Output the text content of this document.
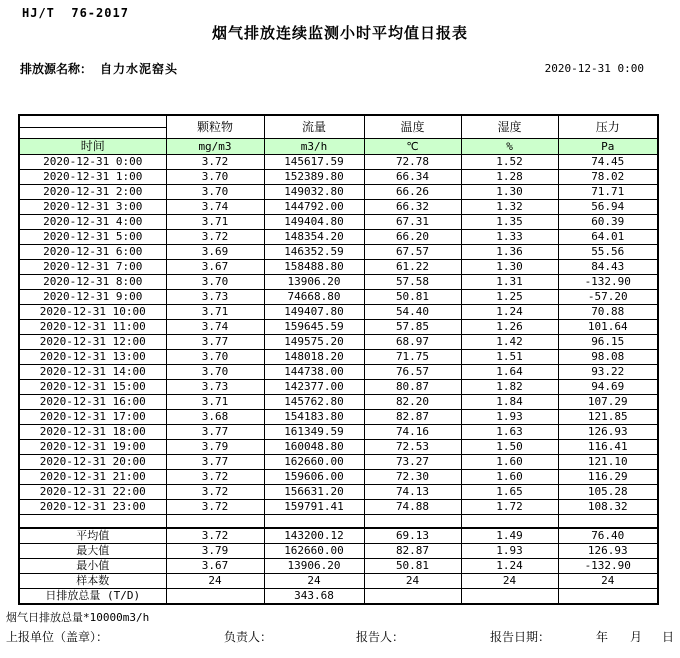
HJ/T  76-2017
烟气排放连续监测小时平均值日报表
排放源名称： 自力水泥窑头	2020-12-31 0:00
	颗粒物	流量	温度	湿度	压力

时间	mg/m3	m3/h	℃	%	Pa
2020-12-31 0:00	3.72	145617.59	72.78	1.52	74.45
2020-12-31 1:00	3.70	152389.80	66.34	1.28	78.02
2020-12-31 2:00	3.70	149032.80	66.26	1.30	71.71
2020-12-31 3:00	3.74	144792.00	66.32	1.32	56.94
2020-12-31 4:00	3.71	149404.80	67.31	1.35	60.39
2020-12-31 5:00	3.72	148354.20	66.20	1.33	64.01
2020-12-31 6:00	3.69	146352.59	67.57	1.36	55.56
2020-12-31 7:00	3.67	158488.80	61.22	1.30	84.43
2020-12-31 8:00	3.70	13906.20	57.58	1.31	-132.90
2020-12-31 9:00	3.73	74668.80	50.81	1.25	-57.20
2020-12-31 10:00	3.71	149407.80	54.40	1.24	70.88
2020-12-31 11:00	3.74	159645.59	57.85	1.26	101.64
2020-12-31 12:00	3.77	149575.20	68.97	1.42	96.15
2020-12-31 13:00	3.70	148018.20	71.75	1.51	98.08
2020-12-31 14:00	3.70	144738.00	76.57	1.64	93.22
2020-12-31 15:00	3.73	142377.00	80.87	1.82	94.69
2020-12-31 16:00	3.71	145762.80	82.20	1.84	107.29
2020-12-31 17:00	3.68	154183.80	82.87	1.93	121.85
2020-12-31 18:00	3.77	161349.59	74.16	1.63	126.93
2020-12-31 19:00	3.79	160048.80	72.53	1.50	116.41
2020-12-31 20:00	3.77	162660.00	73.27	1.60	121.10
2020-12-31 21:00	3.72	159606.00	72.30	1.60	116.29
2020-12-31 22:00	3.72	156631.20	74.13	1.65	105.28
2020-12-31 23:00	3.72	159791.41	74.88	1.72	108.32

平均值	3.72	143200.12	69.13	1.49	76.40
最大值	3.79	162660.00	82.87	1.93	126.93
最小值	3.67	13906.20	50.81	1.24	-132.90
样本数	24	24	24	24	24
日排放总量 (T/D)		343.68			
烟气日排放总量*10000m3/h
上报单位（盖章）：	负责人：	报告人：	报告日期：	年 月 日
